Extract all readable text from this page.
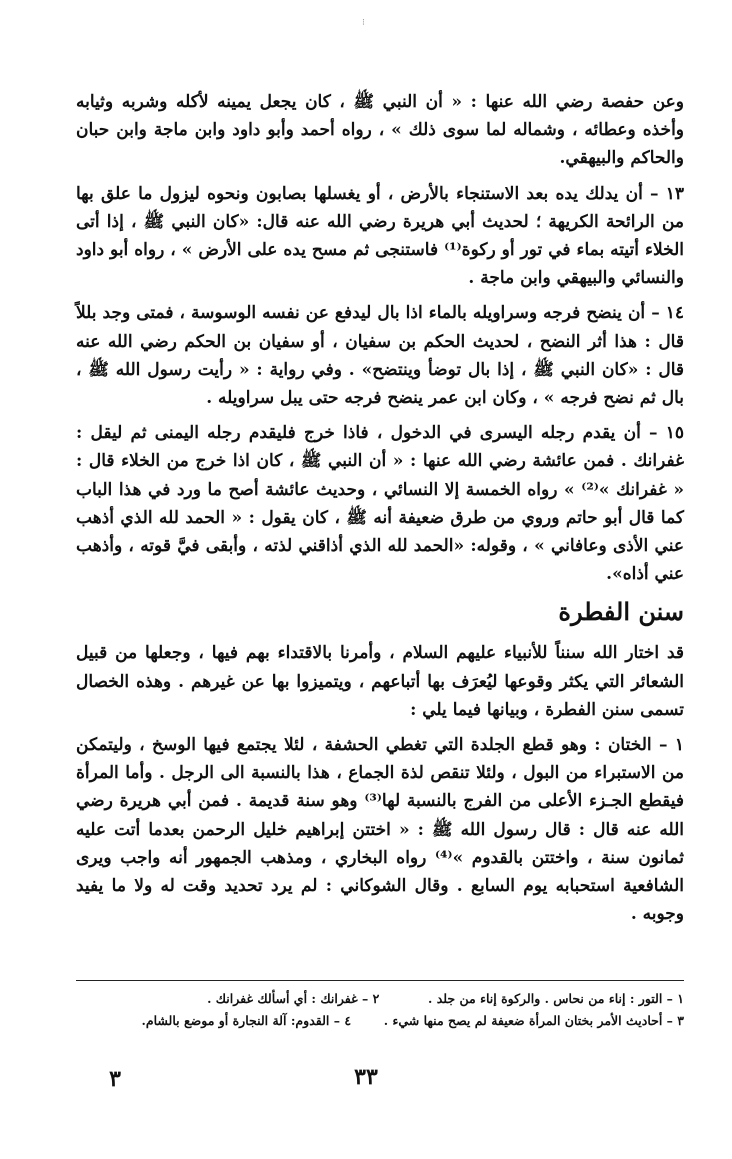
⁝

وعن حفصة رضي الله عنها : « أن النبي ﷺ ، كان يجعل يمينه لأكله وشربه وثيابه وأخذه وعطائه ، وشماله لما سوى ذلك » ، رواه أحمد وأبو داود وابن ماجة وابن حبان والحاكم والبيهقي.

١٣ – أن يدلك يده بعد الاستنجاء بالأرض ، أو يغسلها بصابون ونحوه ليزول ما علق بها من الرائحة الكريهة ؛ لحديث أبي هريرة رضي الله عنه قال: «كان النبي ﷺ ، إذا أتى الخلاء أتيته بماء في تور أو ركوة⁽¹⁾ فاستنجى ثم مسح يده على الأرض » ، رواه أبو داود والنسائي والبيهقي وابن ماجة .

١٤ – أن ينضح فرجه وسراويله بالماء اذا بال ليدفع عن نفسه الوسوسة ، فمتى وجد بللاً قال : هذا أثر النضح ، لحديث الحكم بن سفيان ، أو سفيان بن الحكم رضي الله عنه قال : «كان النبي ﷺ ، إذا بال توضأ وينتضح» . وفي رواية : « رأيت رسول الله ﷺ ، بال ثم نضح فرجه » ، وكان ابن عمر ينضح فرجه حتى يبل سراويله .

١٥ – أن يقدم رجله اليسرى في الدخول ، فاذا خرج فليقدم رجله اليمنى ثم ليقل : غفرانك . فمن عائشة رضي الله عنها : « أن النبي ﷺ ، كان اذا خرج من الخلاء قال : « غفرانك »⁽²⁾ » رواه الخمسة إلا النسائي ، وحديث عائشة أصح ما ورد في هذا الباب كما قال أبو حاتم وروي من طرق ضعيفة أنه ﷺ ، كان يقول : « الحمد لله الذي أذهب عني الأذى وعافاني » ، وقوله: «الحمد لله الذي أذاقني لذته ، وأبقى فيَّ قوته ، وأذهب عني أذاه».

سنن الفطرة

قد اختار الله سنناً للأنبياء عليهم السلام ، وأمرنا بالاقتداء بهم فيها ، وجعلها من قبيل الشعائر التي يكثر وقوعها ليُعرَف بها أتباعهم ، ويتميزوا بها عن غيرهم . وهذه الخصال تسمى سنن الفطرة ، وبيانها فيما يلي :

١ – الختان : وهو قطع الجلدة التي تغطي الحشفة ، لئلا يجتمع فيها الوسخ ، وليتمكن من الاستبراء من البول ، ولئلا تنقص لذة الجماع ، هذا بالنسبة الى الرجل . وأما المرأة فيقطع الجـزء الأعلى من الفرج بالنسبة لها⁽³⁾ وهو سنة قديمة . فمن أبي هريرة رضي الله عنه قال : قال رسول الله ﷺ : « اختتن إبراهيم خليل الرحمن بعدما أتت عليه ثمانون سنة ، واختتن بالقدوم »⁽⁴⁾ رواه البخاري ، ومذهب الجمهور أنه واجب ويرى الشافعية استحبابه يوم السابع . وقال الشوكاني : لم يرد تحديد وقت له ولا ما يفيد وجوبه .

١ – التور : إناء من نحاس . والركوة إناء من جلد .  ٢ – غفرانك : أي أسألك غفرانك .
٣ – أحاديث الأمر بختان المرأة ضعيفة لم يصح منها شيء .  ٤ – القدوم: آلة النجارة أو موضع بالشام.
٣٣
٣
